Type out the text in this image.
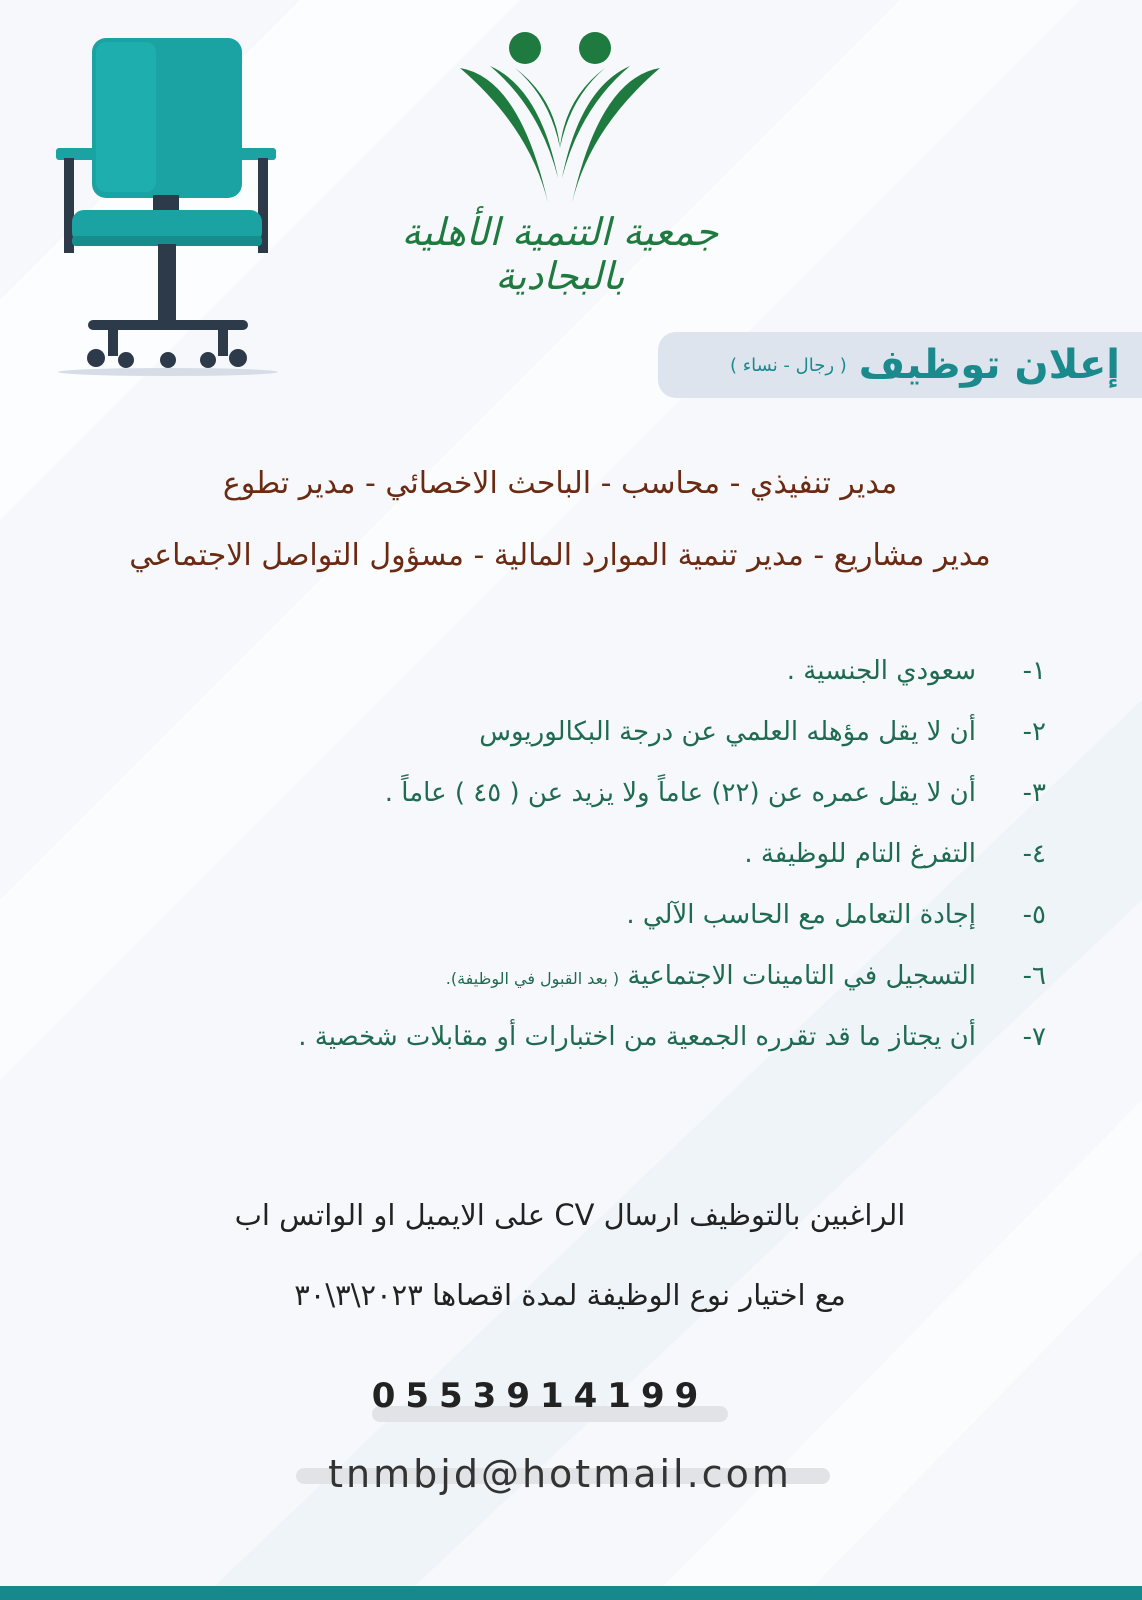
جمعية التنمية الأهلية بالبجادية
إعلان توظيف
( رجال - نساء )
مدير تنفيذي - محاسب - الباحث الاخصائي - مدير تطوع
مدير مشاريع - مدير تنمية الموارد المالية - مسؤول التواصل الاجتماعي
١-
سعودي الجنسية .
٢-
أن لا يقل مؤهله العلمي عن درجة البكالوريوس
٣-
أن لا يقل عمره عن (٢٢) عاماً ولا يزيد عن ( ٤٥ ) عاماً .
٤-
التفرغ التام للوظيفة .
٥-
إجادة التعامل مع الحاسب الآلي .
٦-
التسجيل في التامينات الاجتماعية ( بعد القبول في الوظيفة).
٧-
أن يجتاز ما قد تقرره الجمعية من اختبارات أو مقابلات شخصية .
الراغبين بالتوظيف ارسال CV على الايميل او الواتس اب
مع اختيار نوع الوظيفة لمدة اقصاها ٢٠٢٣\٣\٣٠
0553914199
tnmbjd@hotmail.com
